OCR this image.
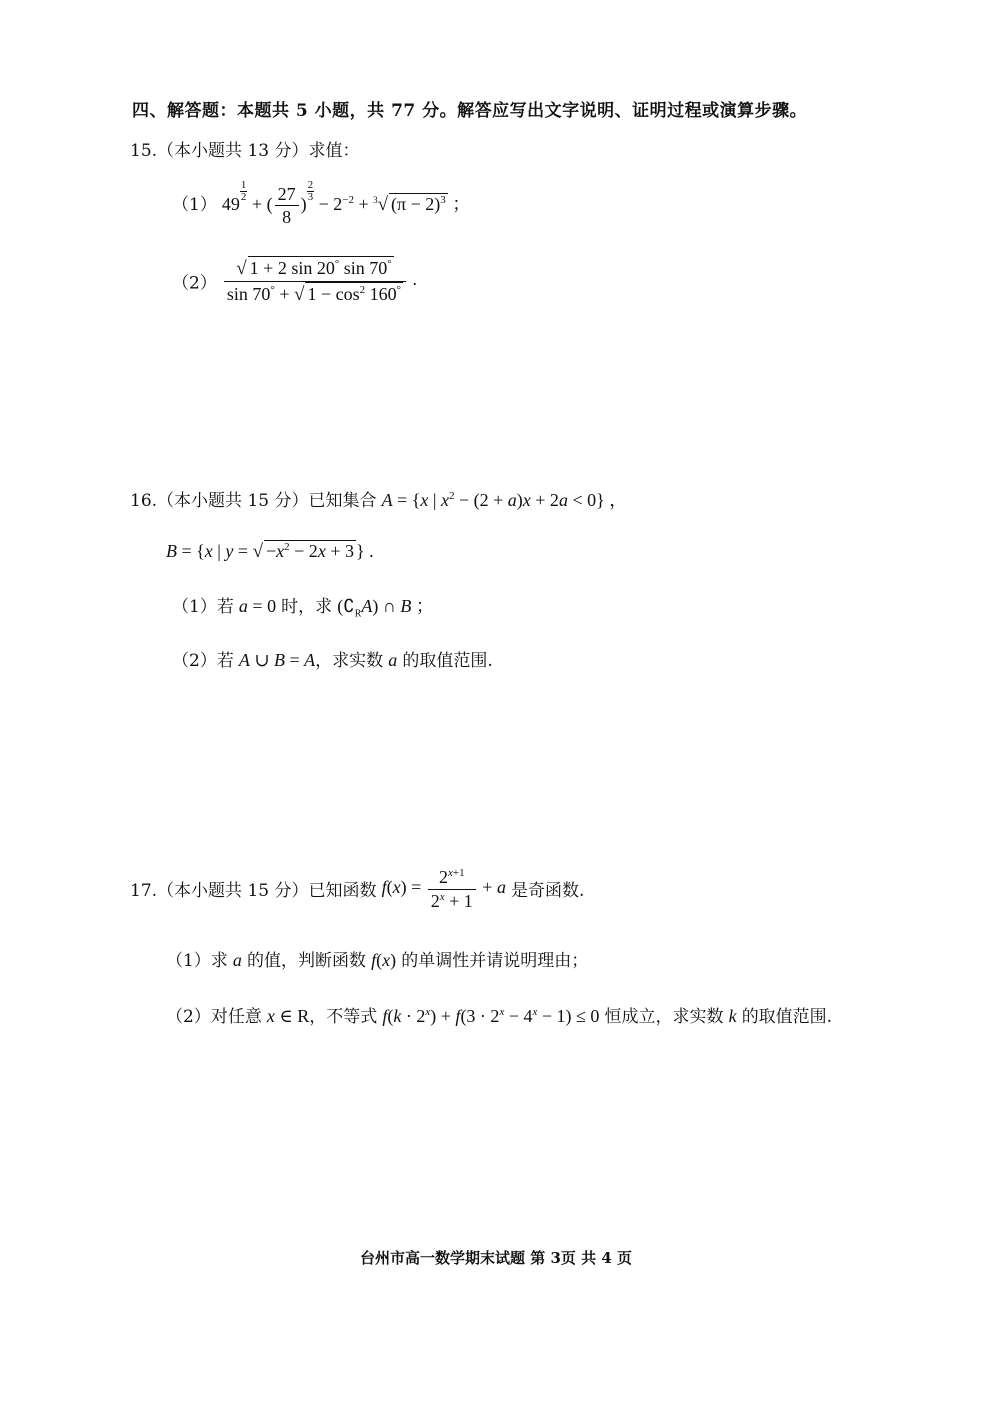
四、解答题：本题共 5 小题，共 77 分。解答应写出文字说明、证明过程或演算步骤。
15.（本小题共 13 分）求值：
（1） 49
$\frac{1}{2}$
+ ( $\frac{27}{8}$ )
$\frac{2}{3}$
− $2^{-2} + ^3√$ $(\pi - 2)^3$ ；
$(2) \frac{√ 1 + 2 \sin 20^\circ \sin 70^\circ}{\sin 70^\circ + √ 1 - \cos^2 160^\circ}$ .
16.（本小题共 15 分）已知集合 A = {x | $x^2 - (2 + a)x + 2a < 0$} ，
B = {x | y = √ $-x^2 - 2x + 3$ } .
（1）若 a = 0 时，求 $(∁_RA)$ ∩ B ；
（2）若 A ∪ B = A，求实数 a 的取值范围.
17.（本小题共 15 分）已知函数 $f(x) = \frac{2^{x+1}}{2^x + 1} + a$ 是奇函数.
（1）求 a 的值，判断函数 f(x) 的单调性并请说明理由；
（2）对任意 x ∈ R，不等式 $f(k \cdot 2^x) + f(3 \cdot 2^x - 4^x - 1) \le 0$ 恒成立，求实数 k 的取值范围.
台州市高一数学期末试题 第 3页 共 4 页
